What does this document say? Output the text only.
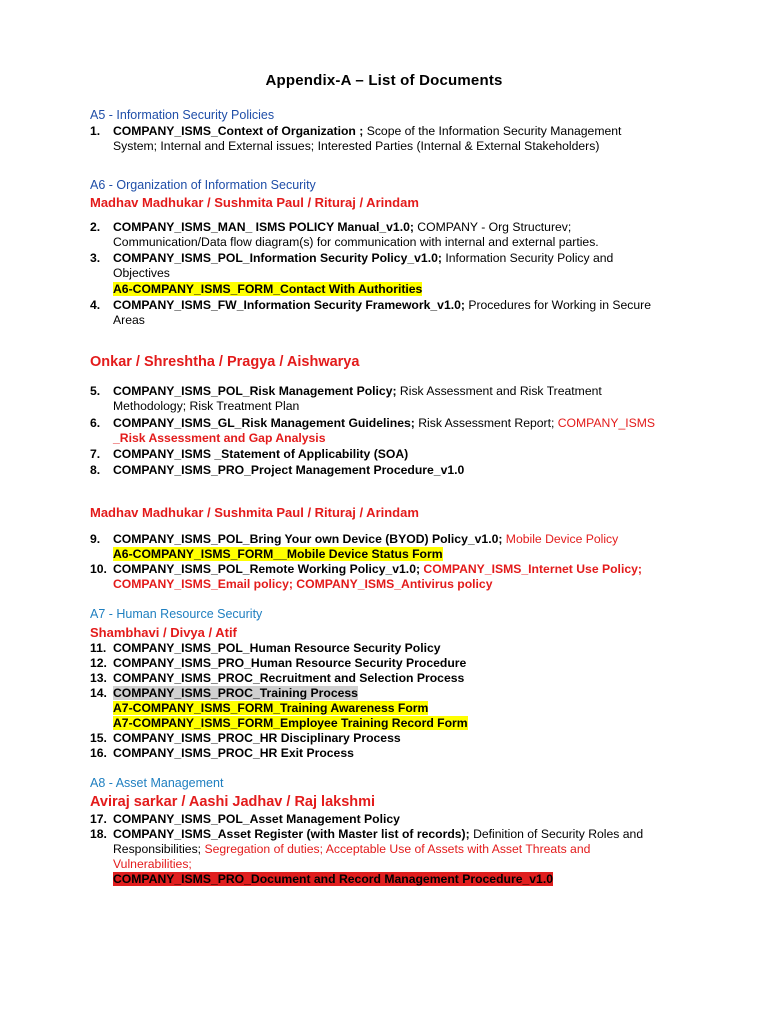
Appendix-A – List of Documents
A5 - Information Security Policies
1.	COMPANY_ISMS_Context of Organization ; Scope of the Information Security Management
System; Internal and External issues; Interested Parties (Internal & External Stakeholders)
A6 - Organization of Information Security
Madhav Madhukar / Sushmita Paul / Rituraj / Arindam
2.	COMPANY_ISMS_MAN_ ISMS POLICY Manual_v1.0; COMPANY - Org Structurev;
Communication/Data flow diagram(s) for communication with internal and external parties.
3.	COMPANY_ISMS_POL_Information Security Policy_v1.0; Information Security Policy and
Objectives
A6-COMPANY_ISMS_FORM_Contact With Authorities
4.	COMPANY_ISMS_FW_Information Security Framework_v1.0; Procedures for Working in Secure
Areas
Onkar / Shreshtha / Pragya / Aishwarya
5.	COMPANY_ISMS_POL_Risk Management Policy; Risk Assessment and Risk Treatment
Methodology; Risk Treatment Plan
6.	COMPANY_ISMS_GL_Risk Management Guidelines; Risk Assessment Report; COMPANY_ISMS
_Risk Assessment and Gap Analysis
7.	COMPANY_ISMS _Statement of Applicability (SOA)
8.	COMPANY_ISMS_PRO_Project Management Procedure_v1.0
Madhav Madhukar / Sushmita Paul / Rituraj / Arindam
9.	COMPANY_ISMS_POL_Bring Your own Device (BYOD) Policy_v1.0; Mobile Device Policy
A6-COMPANY_ISMS_FORM__Mobile Device Status Form
10. COMPANY_ISMS_POL_Remote Working Policy_v1.0; COMPANY_ISMS_Internet Use Policy;
COMPANY_ISMS_Email policy; COMPANY_ISMS_Antivirus policy
A7 - Human Resource Security
Shambhavi / Divya / Atif
11. COMPANY_ISMS_POL_Human Resource Security Policy
12. COMPANY_ISMS_PRO_Human Resource Security Procedure
13. COMPANY_ISMS_PROC_Recruitment and Selection Process
14. COMPANY_ISMS_PROC_Training Process
A7-COMPANY_ISMS_FORM_Training Awareness Form
A7-COMPANY_ISMS_FORM_Employee Training Record Form
15. COMPANY_ISMS_PROC_HR Disciplinary Process
16. COMPANY_ISMS_PROC_HR Exit Process
A8 - Asset Management
Aviraj sarkar / Aashi Jadhav / Raj lakshmi
17. COMPANY_ISMS_POL_Asset Management Policy
18. COMPANY_ISMS_Asset Register (with Master list of records); Definition of Security Roles and
Responsibilities; Segregation of duties; Acceptable Use of Assets with Asset Threats and
Vulnerabilities;
COMPANY_ISMS_PRO_Document and Record Management Procedure_v1.0
